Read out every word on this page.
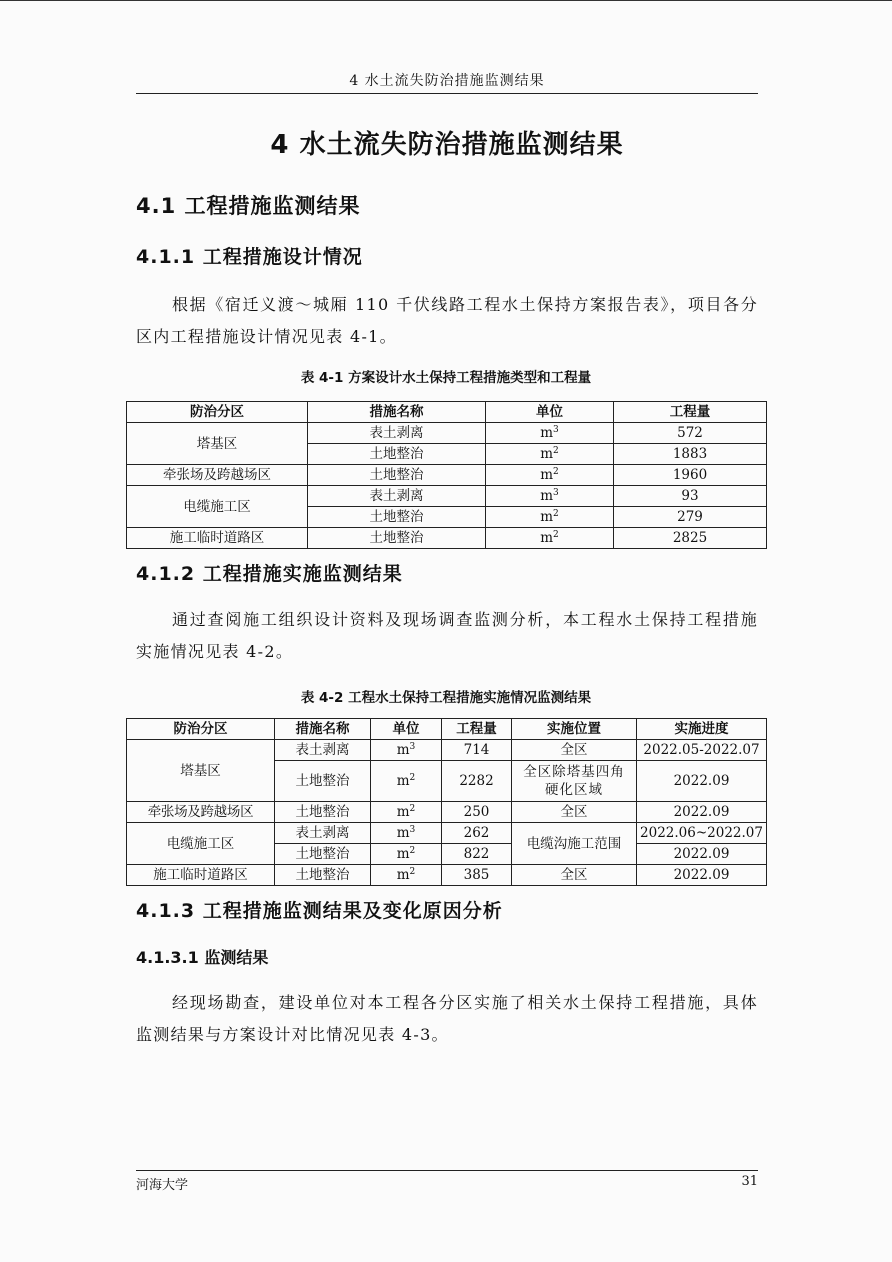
4 水土流失防治措施监测结果
4 水土流失防治措施监测结果
4.1 工程措施监测结果
4.1.1 工程措施设计情况

根据《宿迁义渡～城厢 110 千伏线路工程水土保持方案报告表》，项目各分区内工程措施设计情况见表 4-1。

表 4-1 方案设计水土保持工程措施类型和工程量
防治分区	措施名称	单位	工程量
塔基区	表土剥离	$m^3$	572
	土地整治	$m^2$	1883
牵张场及跨越场区	土地整治	$m^2$	1960
电缆施工区	表土剥离	$m^3$	93
	土地整治	$m^2$	279
施工临时道路区	土地整治	$m^2$	2825
4.1.2 工程措施实施监测结果

通过查阅施工组织设计资料及现场调查监测分析，本工程水土保持工程措施实施情况见表 4-2。

表 4-2 工程水土保持工程措施实施情况监测结果
防治分区	措施名称	单位	工程量	实施位置	实施进度
塔基区	表土剥离	$m^3$	714	全区	2022.05-2022.07
	土地整治	$m^2$	2282	全区除塔基四角硬化区域	2022.09
牵张场及跨越场区	土地整治	$m^2$	250	全区	2022.09
电缆施工区	表土剥离	$m^3$	262	电缆沟施工范围	2022.06~2022.07
	土地整治	$m^2$	822		2022.09
施工临时道路区	土地整治	$m^2$	385	全区	2022.09
4.1.3 工程措施监测结果及变化原因分析
4.1.3.1 监测结果

经现场勘查，建设单位对本工程各分区实施了相关水土保持工程措施，具体监测结果与方案设计对比情况见表 4-3。

河海大学	31
